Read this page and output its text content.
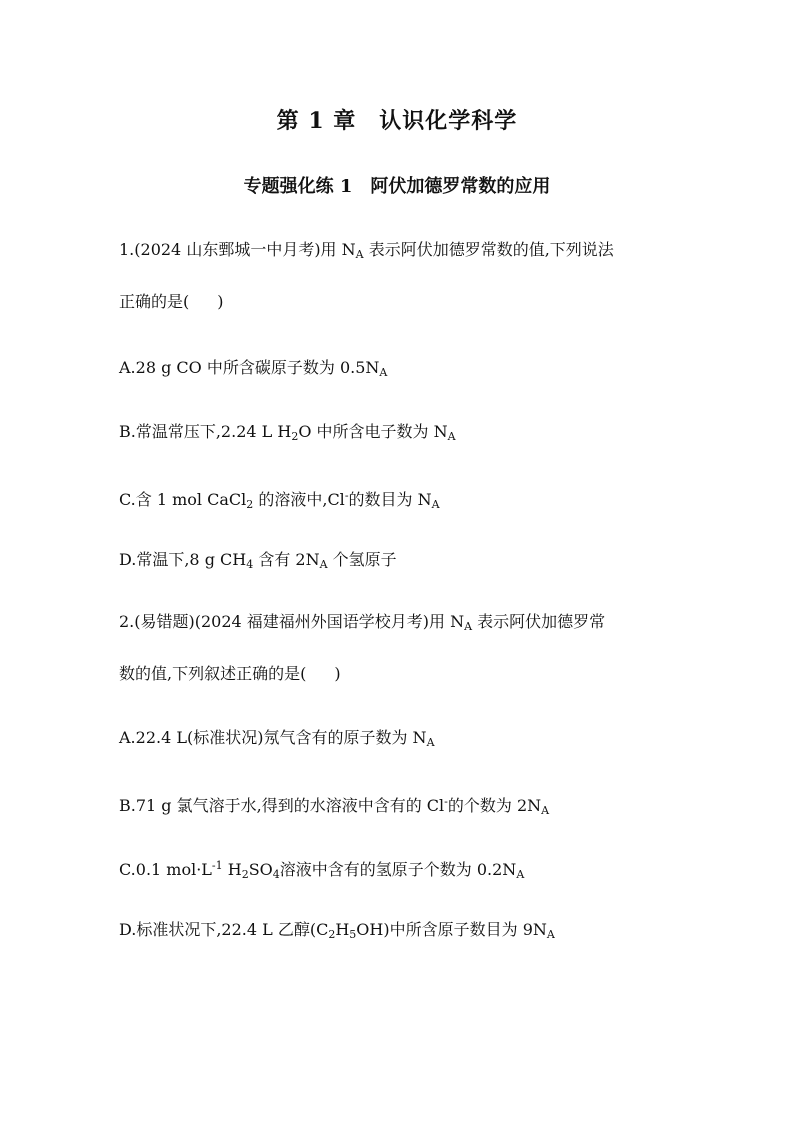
第 1 章　认识化学科学
专题强化练 1　阿伏加德罗常数的应用
1.(2024 山东鄄城一中月考)用 $N_A$ 表示阿伏加德罗常数的值,下列说法
正确的是( )
A.28 g CO 中所含碳原子数为 $0.5N_A$
B.常温常压下,2.24 L $H_2O$ 中所含电子数为 $N_A$
C.含 1 mol CaCl$_2$ 的溶液中,Cl-的数目为 $N_A$
D.常温下,8 g $CH_4$ 含有 $2N_A$ 个氢原子
2.(易错题)(2024 福建福州外国语学校月考)用 $N_A$ 表示阿伏加德罗常
数的值,下列叙述正确的是( )
A.22.4 L(标准状况)氖气含有的原子数为 $N_A$
B.71 g 氯气溶于水,得到的水溶液中含有的 Cl-的个数为 $2N_A$
C.0.1 $mol\cdot L^{-1}$ $H_2SO_4$溶液中含有的氢原子个数为 $0.2N_A$
D.标准状况下,22.4 L 乙醇$(C_2H_5OH)$中所含原子数目为 $9N_A$
